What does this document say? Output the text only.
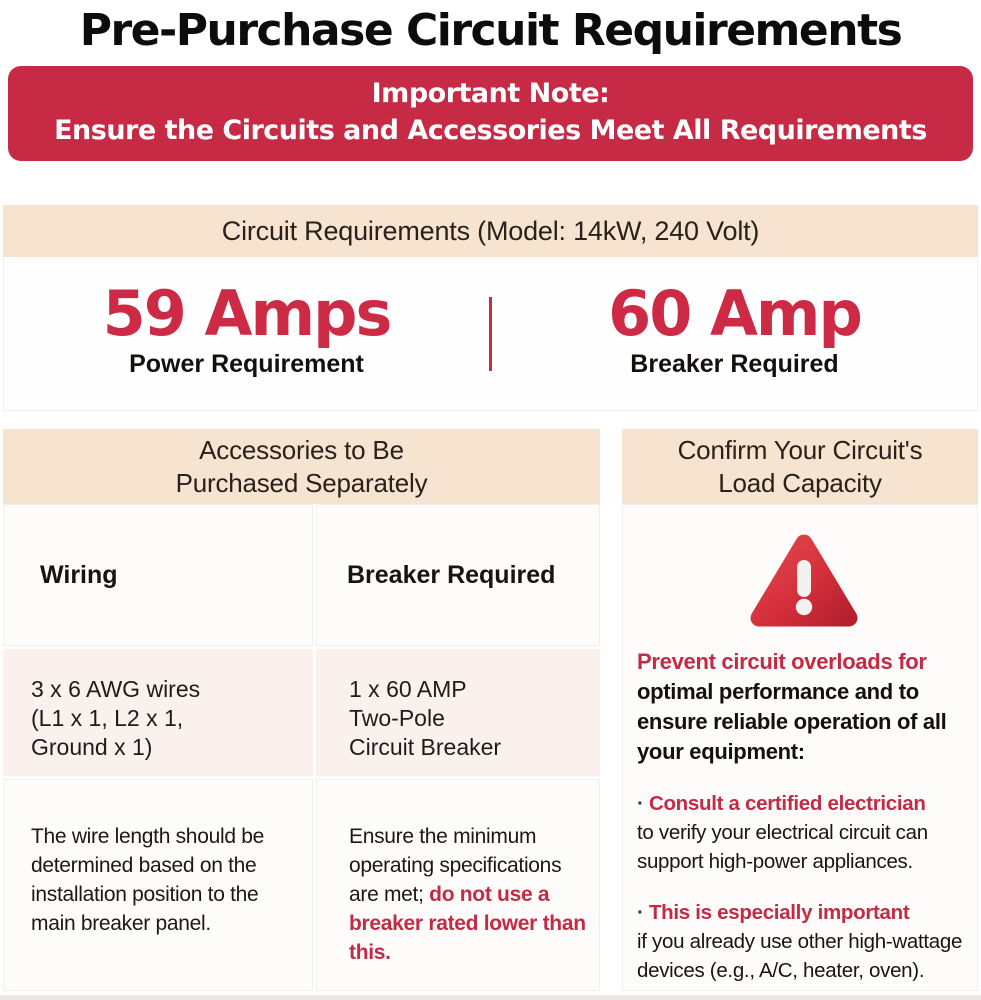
Pre-Purchase Circuit Requirements
Important Note:
Ensure the Circuits and Accessories Meet All Requirements
Circuit Requirements (Model: 14kW, 240 Volt)
59 Amps
Power Requirement
60 Amp
Breaker Required
Accessories to Be
Purchased Separately
Wiring	Breaker Required
3 x 6 AWG wires
(L1 x 1, L2 x 1,
Ground x 1)
1 x 60 AMP
Two-Pole
Circuit Breaker
The wire length should be determined based on the installation position to the main breaker panel.
Ensure the minimum operating specifications are met; do not use a breaker rated lower than this.
Confirm Your Circuit's
Load Capacity

Prevent circuit overloads for
optimal performance and to ensure reliable operation of all your equipment:

· Consult a certified electrician
to verify your electrical circuit can support high-power appliances.

· This is especially important
if you already use other high-wattage devices (e.g., A/C, heater, oven).
